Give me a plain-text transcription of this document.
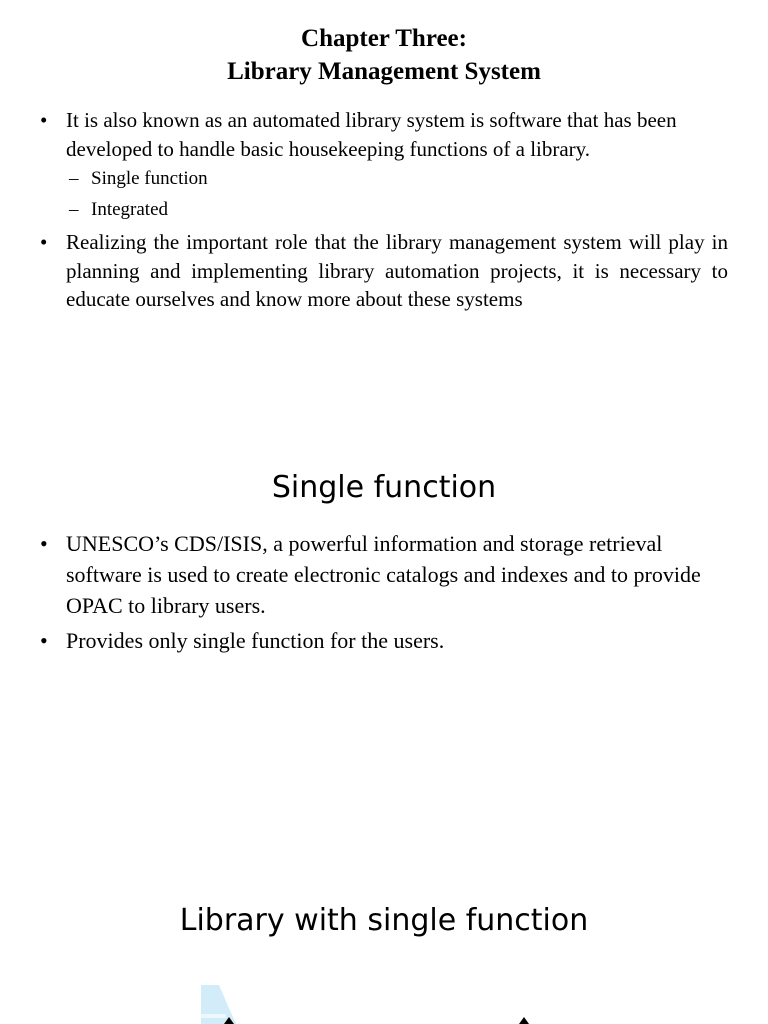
Chapter Three:
Library Management System
• It is also known as an automated library system is software that has been developed to handle basic housekeeping functions of a library.
– Single function
– Integrated
• Realizing the important role that the library management system will play in planning and implementing library automation projects, it is necessary to educate ourselves and know more about these systems
Single function
• UNESCO’s CDS/ISIS, a powerful information and storage retrieval software is used to create electronic catalogs and indexes and to provide OPAC to library users.
• Provides only single function for the users.
Library with single function
